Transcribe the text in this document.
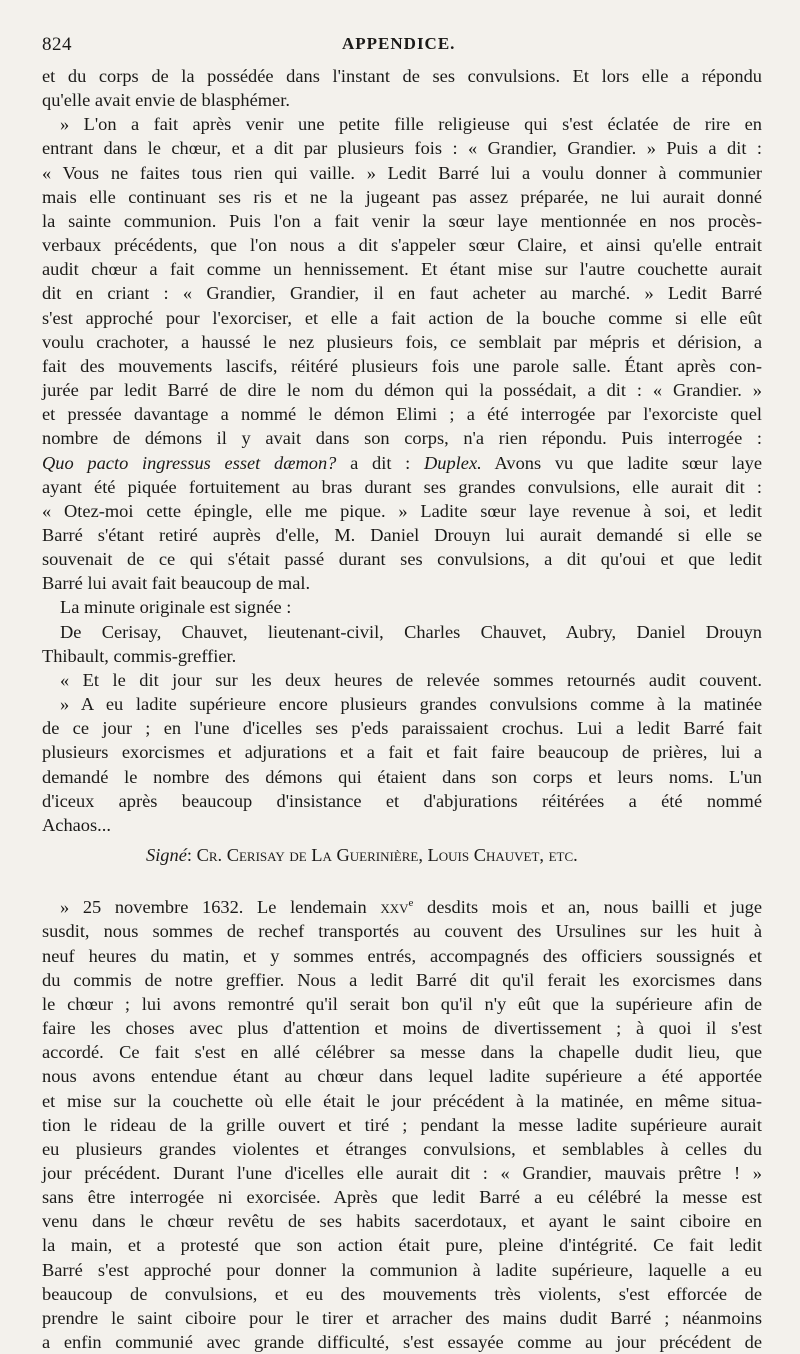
824	APPENDICE.
et du corps de la possédée dans l'instant de ses convulsions. Et lors elle a répondu
qu'elle avait envie de blasphémer.
» L'on a fait après venir une petite fille religieuse qui s'est éclatée de rire en
entrant dans le chœur, et a dit par plusieurs fois : « Grandier, Grandier. » Puis a dit :
« Vous ne faites tous rien qui vaille. » Ledit Barré lui a voulu donner à communier
mais elle continuant ses ris et ne la jugeant pas assez préparée, ne lui aurait donné
la sainte communion. Puis l'on a fait venir la sœur laye mentionnée en nos procès-
verbaux précédents, que l'on nous a dit s'appeler sœur Claire, et ainsi qu'elle entrait
audit chœur a fait comme un hennissement. Et étant mise sur l'autre couchette aurait
dit en criant : « Grandier, Grandier, il en faut acheter au marché. » Ledit Barré
s'est approché pour l'exorciser, et elle a fait action de la bouche comme si elle eût
voulu crachoter, a haussé le nez plusieurs fois, ce semblait par mépris et dérision, a
fait des mouvements lascifs, réitéré plusieurs fois une parole salle. Étant après con-
jurée par ledit Barré de dire le nom du démon qui la possédait, a dit : « Grandier. »
et pressée davantage a nommé le démon Elimi ; a été interrogée par l'exorciste quel
nombre de démons il y avait dans son corps, n'a rien répondu. Puis interrogée :
Quo pacto ingressus esset dæmon? a dit : Duplex. Avons vu que ladite sœur laye
ayant été piquée fortuitement au bras durant ses grandes convulsions, elle aurait dit :
« Otez-moi cette épingle, elle me pique. » Ladite sœur laye revenue à soi, et ledit
Barré s'étant retiré auprès d'elle, M. Daniel Drouyn lui aurait demandé si elle se
souvenait de ce qui s'était passé durant ses convulsions, a dit qu'oui et que ledit
Barré lui avait fait beaucoup de mal.
La minute originale est signée :
De Cerisay, Chauvet, lieutenant-civil, Charles Chauvet, Aubry, Daniel Drouyn
Thibault, commis-greffier.
« Et le dit jour sur les deux heures de relevée sommes retournés audit couvent.
» A eu ladite supérieure encore plusieurs grandes convulsions comme à la matinée
de ce jour ; en l'une d'icelles ses p'eds paraissaient crochus. Lui a ledit Barré fait
plusieurs exorcismes et adjurations et a fait et fait faire beaucoup de prières, lui a
demandé le nombre des démons qui étaient dans son corps et leurs noms. L'un
d'iceux après beaucoup d'insistance et d'abjurations réitérées a été nommé
Achaos...

Signé: Cr. Cerisay de La Guerinière, Louis Chauvet, etc.

» 25 novembre 1632. Le lendemain xxv$^e$ desdits mois et an, nous bailli et juge
susdit, nous sommes de rechef transportés au couvent des Ursulines sur les huit à
neuf heures du matin, et y sommes entrés, accompagnés des officiers soussignés et
du commis de notre greffier. Nous a ledit Barré dit qu'il ferait les exorcismes dans
le chœur ; lui avons remontré qu'il serait bon qu'il n'y eût que la supérieure afin de
faire les choses avec plus d'attention et moins de divertissement ; à quoi il s'est
accordé. Ce fait s'est en allé célébrer sa messe dans la chapelle dudit lieu, que
nous avons entendue étant au chœur dans lequel ladite supérieure a été apportée
et mise sur la couchette où elle était le jour précédent à la matinée, en même situa-
tion le rideau de la grille ouvert et tiré ; pendant la messe ladite supérieure aurait
eu plusieurs grandes violentes et étranges convulsions, et semblables à celles du
jour précédent. Durant l'une d'icelles elle aurait dit : « Grandier, mauvais prêtre ! »
sans être interrogée ni exorcisée. Après que ledit Barré a eu célébré la messe est
venu dans le chœur revêtu de ses habits sacerdotaux, et ayant le saint ciboire en
la main, et a protesté que son action était pure, pleine d'intégrité. Ce fait ledit
Barré s'est approché pour donner la communion à ladite supérieure, laquelle a eu
beaucoup de convulsions, et eu des mouvements très violents, s'est efforcée de
prendre le saint ciboire pour le tirer et arracher des mains dudit Barré ; néanmoins
a enfin communié avec grande difficulté, s'est essayée comme au jour précédent de
